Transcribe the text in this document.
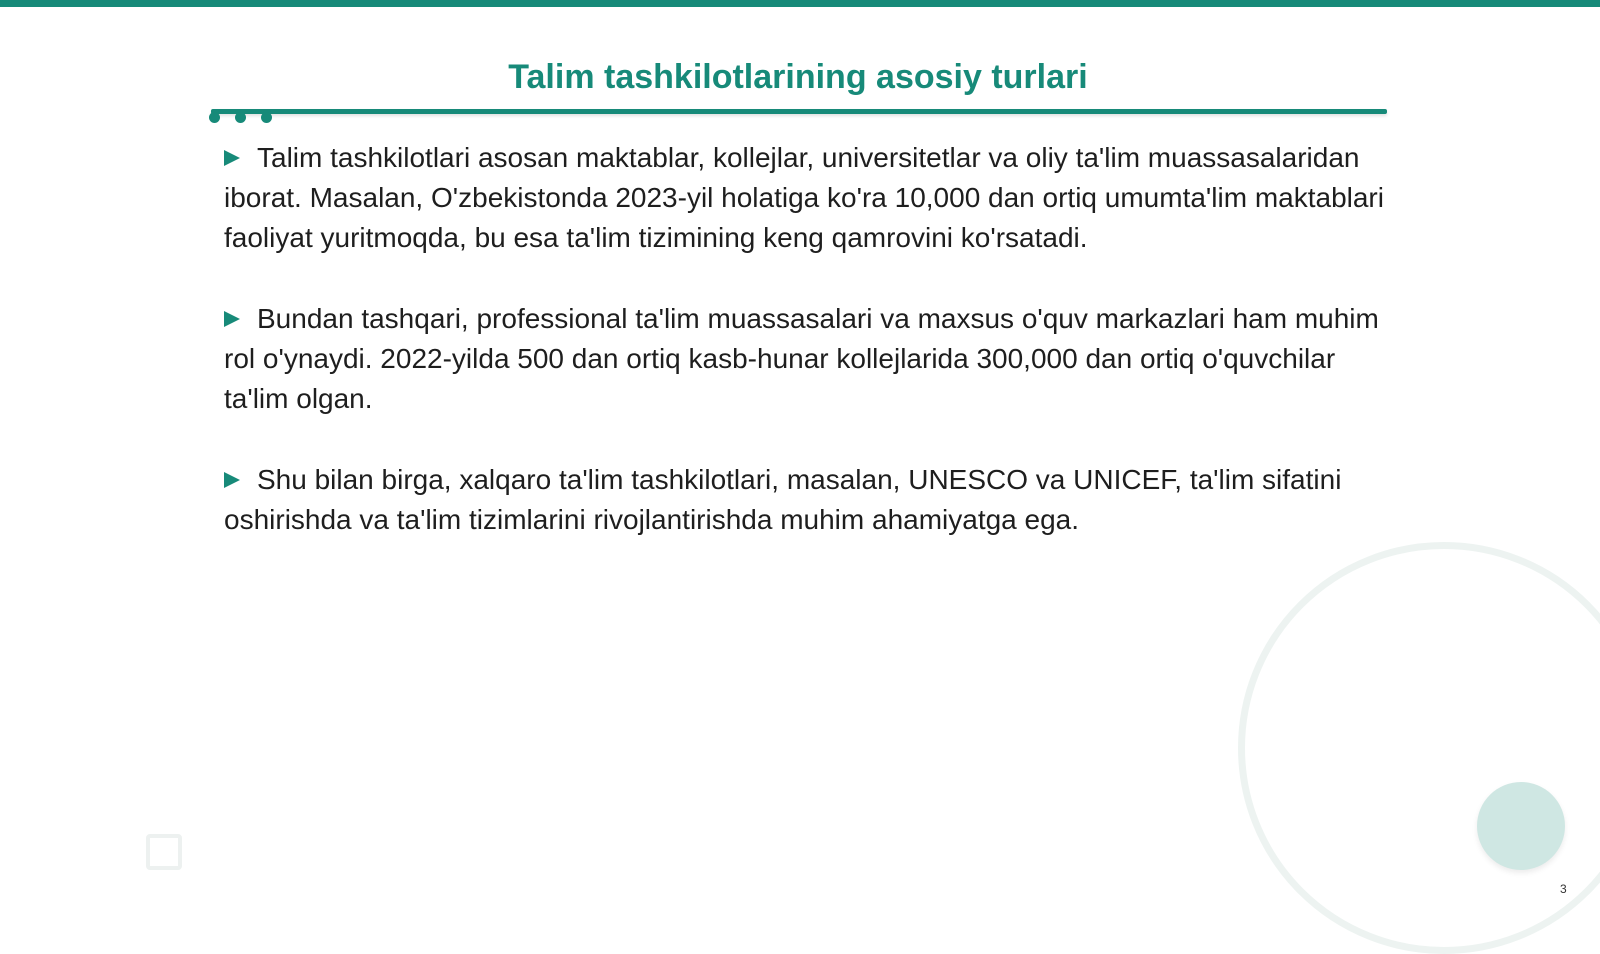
Talim tashkilotlarining asosiy turlari
Talim tashkilotlari asosan maktablar, kollejlar, universitetlar va oliy ta'lim muassasalaridan iborat. Masalan, O'zbekistonda 2023-yil holatiga ko'ra 10,000 dan ortiq umumta'lim maktablari faoliyat yuritmoqda, bu esa ta'lim tizimining keng qamrovini ko'rsatadi.
Bundan tashqari, professional ta'lim muassasalari va maxsus o'quv markazlari ham muhim rol o'ynaydi. 2022-yilda 500 dan ortiq kasb-hunar kollejlarida 300,000 dan ortiq o'quvchilar ta'lim olgan.
Shu bilan birga, xalqaro ta'lim tashkilotlari, masalan, UNESCO va UNICEF, ta'lim sifatini oshirishda va ta'lim tizimlarini rivojlantirishda muhim ahamiyatga ega.
3
